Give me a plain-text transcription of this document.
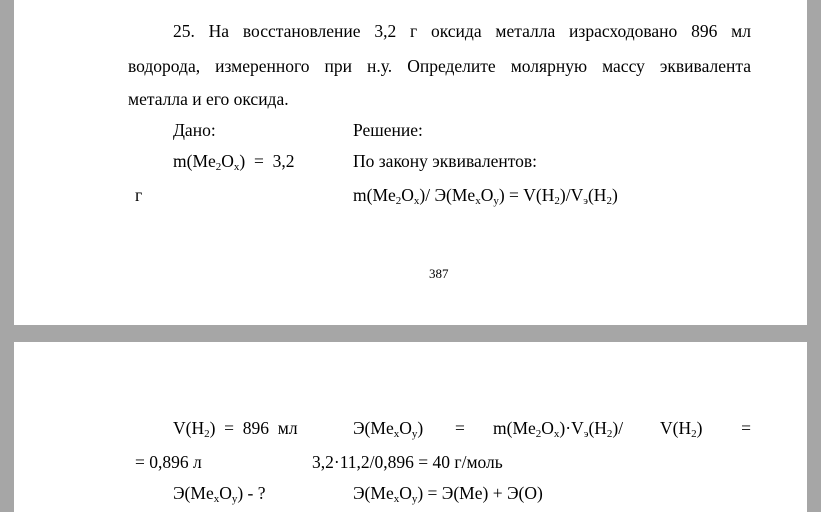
25. На восстановление 3,2 г оксида металла израсходовано 896 мл
водорода, измеренного при н.у. Определите молярную массу эквивалента
металла и его оксида.
Дано:	Решение:
$m(Me_2O_x) = 3,2$	По закону эквивалентов:
г	$m(Me_2O_x)/$ $Э(Me_xO_y) = V(H_2)/V_э(H_2)$
387
$V(H_2) = 896$  мл	$Э(Me_xO_y) = m(Me_2O_x)\cdot V_э(H_2)/$ $V(H_2)$ =
= 0,896 л	3,2·11,2/0,896 = 40 г/моль
$Э(Me_xO_y)$ - ?	$Э(Me_xO_y) = Э(Me) + Э(O)$
